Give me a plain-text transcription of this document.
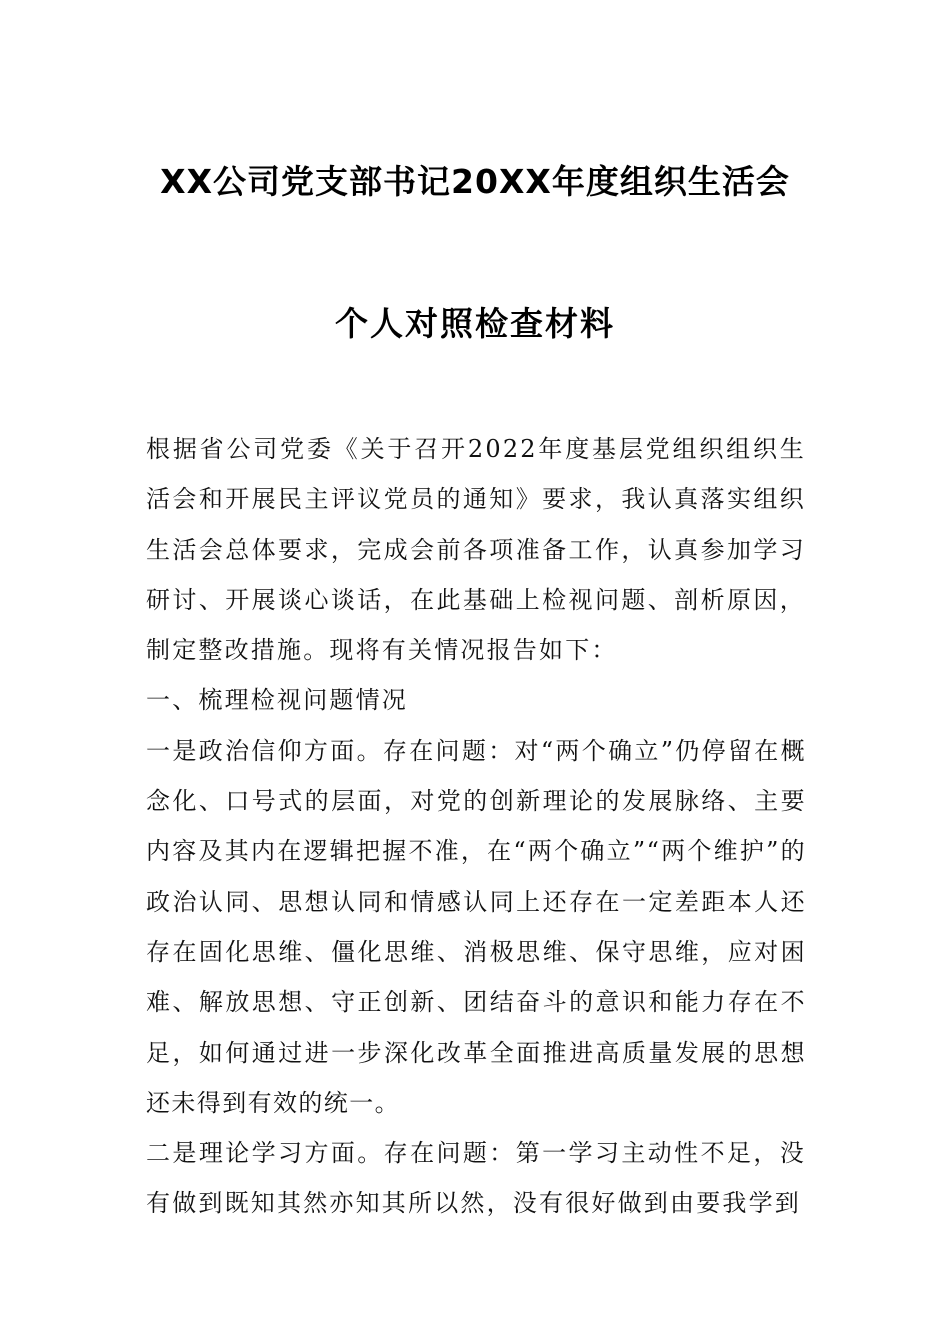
XX公司党支部书记20XX年度组织生活会
个人对照检查材料

根据省公司党委《关于召开2022年度基层党组织组织生活会和开展民主评议党员的通知》要求，我认真落实组织生活会总体要求，完成会前各项准备工作，认真参加学习研讨、开展谈心谈话，在此基础上检视问题、剖析原因，制定整改措施。现将有关情况报告如下：

一、梳理检视问题情况

一是政治信仰方面。存在问题：对“两个确立”仍停留在概念化、口号式的层面，对党的创新理论的发展脉络、主要内容及其内在逻辑把握不准，在“两个确立”“两个维护”的政治认同、思想认同和情感认同上还存在一定差距本人还存在固化思维、僵化思维、消极思维、保守思维，应对困难、解放思想、守正创新、团结奋斗的意识和能力存在不足，如何通过进一步深化改革全面推进高质量发展的思想还未得到有效的统一。

二是理论学习方面。存在问题：第一学习主动性不足，没有做到既知其然亦知其所以然，没有很好做到由要我学到
